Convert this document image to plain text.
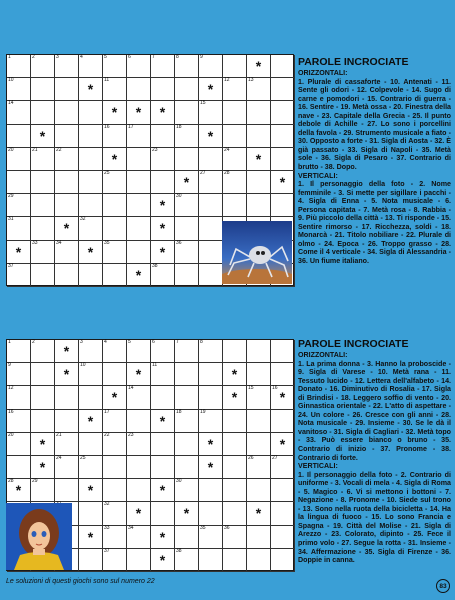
1	2	3	4	5	6	7	8	9
*
10
*
11
*
12	13
14
*	*	*
15
*
16	17	18
*
20	21	22
*
23	24
*
25
*
27	28
*
29
*
30
31
*
32
*
*
33	34
*
35
*
36
37
*
38
PAROLE INCROCIATE
ORIZZONTALI:

1. Plurale di cassaforte - 10. Antenati - 11. Sente gli odori - 12. Colpevole - 14. Sugo di carne e pomodori - 15. Contrario di guerra - 16. Sentire - 19. Metà ossa - 20. Finestra della nave - 23. Capitale della Grecia - 25. Il punto debole di Achille - 27. Lo sono i porcellini della favola - 29. Strumento musicale a fiato - 30. Opposto a forte - 31. Sigla di Aosta - 32. È già passato - 33. Sigla di Napoli - 35. Metà sole - 36. Sigla di Pesaro - 37. Contrario di brutto - 38. Dopo.

VERTICALI:

1. Il personaggio della foto - 2. Nome femminile - 3. Si mette per sigillare i pacchi - 4. Sigla di Enna - 5. Nota musicale - 6. Persona capitata - 7. Metà rosa - 8. Rabbia - 9. Più piccolo della città - 13. Ti risponde - 15. Sentire rimorso - 17. Ricchezza, soldi - 18. Monarcà - 21. Titolo nobiliare - 22. Plurale di olmo - 24. Epoca - 26. Troppo grasso - 28. Come il 4 verticale - 34. Sigla di Alessandria - 36. Un fiume italiano.

1	2
*
3	4	5	6	7	8
9
*
10
*
11
*
12
*
14
*
15	16
*
16
*
17
*
18	19
20
*
21	22	23
*	*
*
24	25
*
26	27
28
*
29
*	*
30
32
*	*	*
*
33	34
*
35	36
37
*
38
PAROLE INCROCIATE
ORIZZONTALI:

1. La prima donna - 3. Hanno la proboscide - 9. Sigla di Varese - 10. Metà rana - 11. Tessuto lucido - 12. Lettera dell'alfabeto - 14. Donato - 16. Diminutivo di Rosalia - 17. Sigla di Brindisi - 18. Leggero soffio di vento - 20. Ginnastica orientale - 22. L'atto di aspettare - 24. Un colore - 26. Cresce con gli anni - 28. Nota musicale - 29. Insieme - 30. Se le dà il vanitoso - 31. Sigla di Cagliari - 32. Metà topo - 33. Può essere bianco o bruno - 35. Contrario di inizio - 37. Pronome - 38. Contrario di forte.

VERTICALI:

1. Il personaggio della foto - 2. Contrario di uniforme - 3. Vocali di mela - 4. Sigla di Roma - 5. Magico - 6. Vi si mettono i bottoni - 7. Negazione - 8. Pronome - 10. Siede sul trono - 13. Sono nella ruota della bicicletta - 14. Ha la lingua di fuoco - 15. Lo sono Francia e Spagna - 19. Città del Molise - 21. Sigla di Arezzo - 23. Colorato, dipinto - 25. Fece il primo volo - 27. Segue la rotta - 31. Insieme - 34. Affermazione - 35. Sigla di Firenze - 36. Doppie in canna.

Le soluzioni di questi giochi sono sul numero 22
83
